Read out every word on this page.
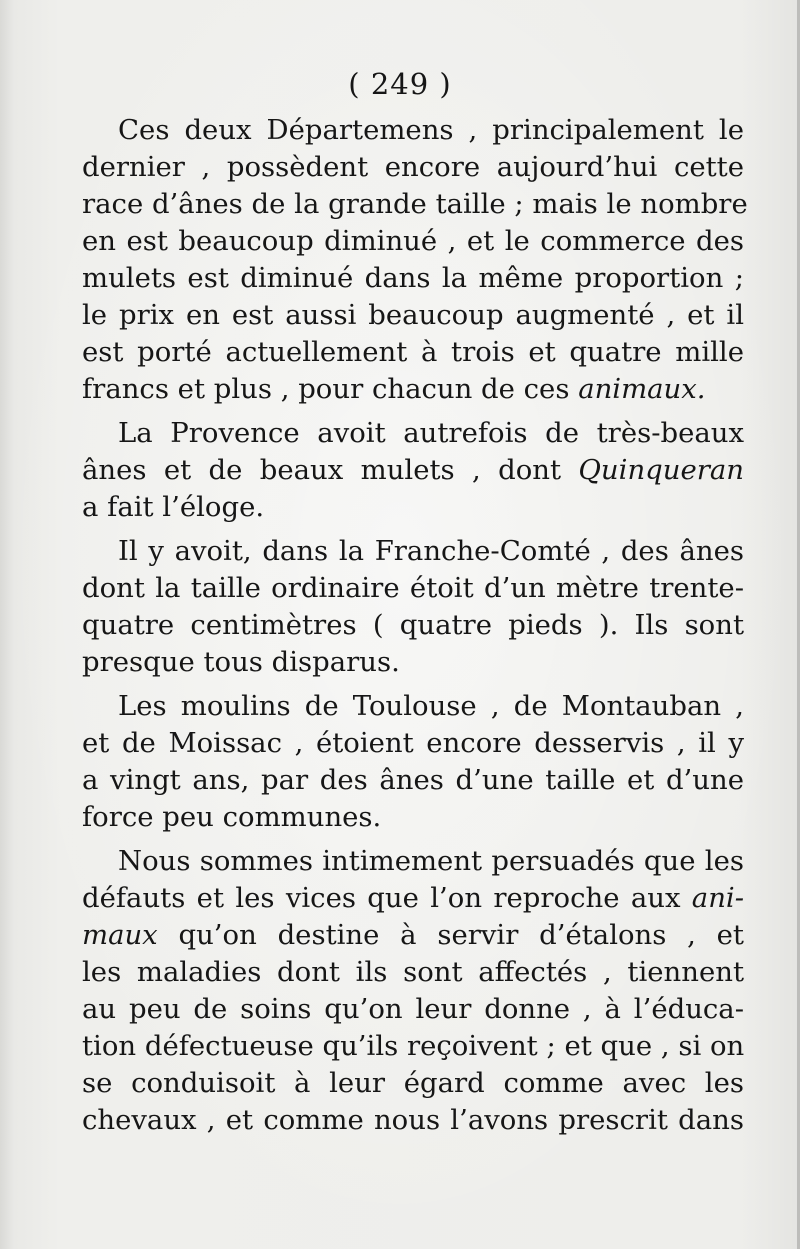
( 249 )
Ces deux Départemens , principalement le
dernier , possèdent encore aujourd’hui cette
race d’ânes de la grande taille ; mais le nombre
en est beaucoup diminué , et le commerce des
mulets est diminué dans la même proportion ;
le prix en est aussi beaucoup augmenté , et il
est porté actuellement à trois et quatre mille
francs et plus , pour chacun de ces animaux.
La Provence avoit autrefois de très-beaux
ânes et de beaux mulets , dont Quinqueran
a fait l’éloge.
Il y avoit, dans la Franche-Comté , des ânes
dont la taille ordinaire étoit d’un mètre trente-
quatre centimètres ( quatre pieds ). Ils sont
presque tous disparus.
Les moulins de Toulouse , de Montauban ,
et de Moissac , étoient encore desservis , il y
a vingt ans, par des ânes d’une taille et d’une
force peu communes.
Nous sommes intimement persuadés que les
défauts et les vices que l’on reproche aux ani-
maux qu’on destine à servir d’étalons , et
les maladies dont ils sont affectés , tiennent
au peu de soins qu’on leur donne , à l’éduca-
tion défectueuse qu’ils reçoivent ; et que , si on
se conduisoit à leur égard comme avec les
chevaux , et comme nous l’avons prescrit dans
